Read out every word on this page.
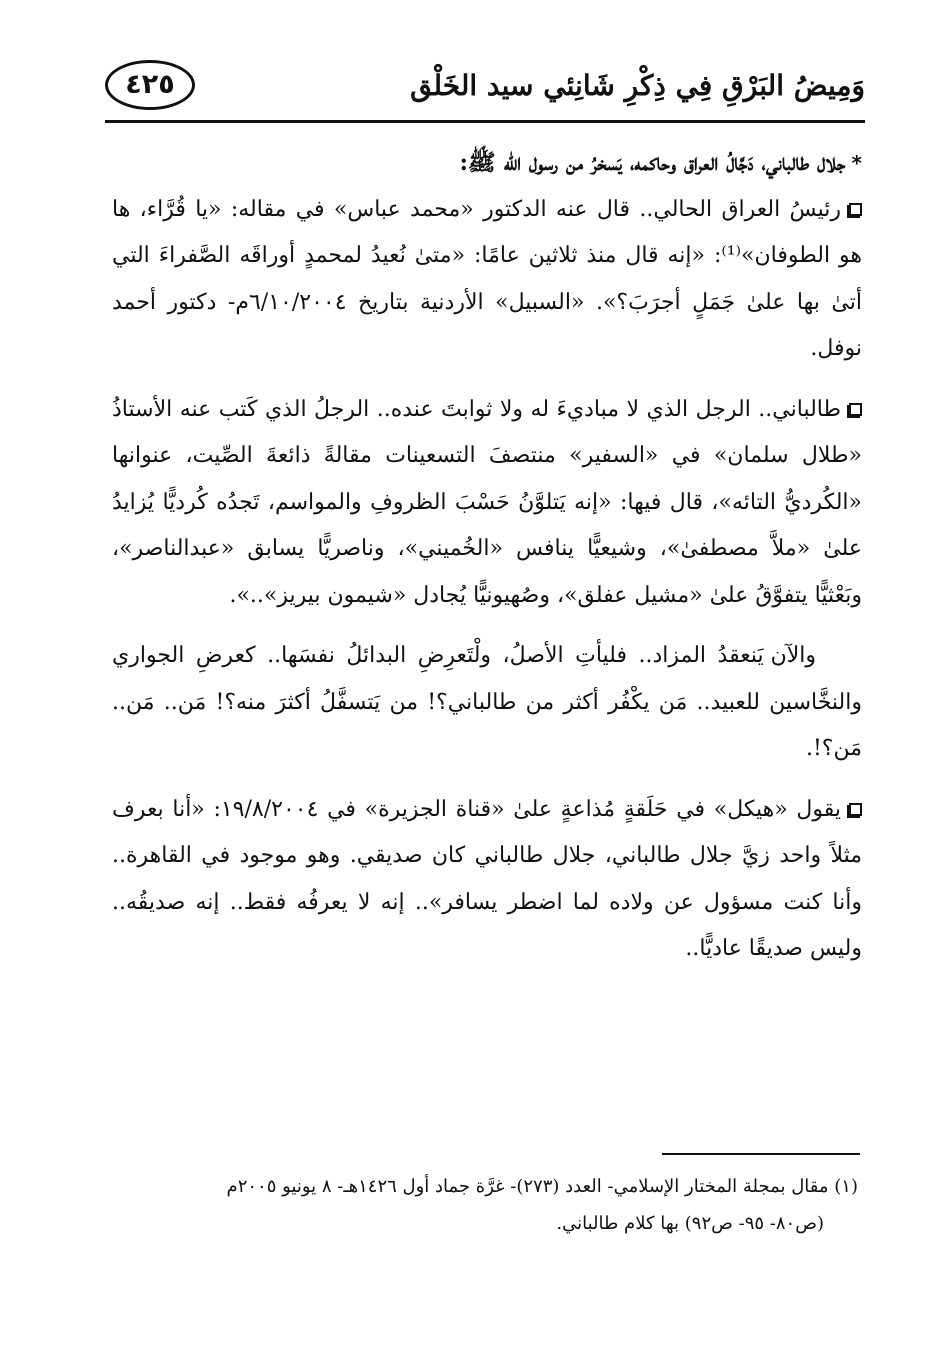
٤٢٥	وَمِيضُ البَرْقِ فِي ذِكْرِ شَانِئي سيد الخَلْق

*جلال طالباني، دَجَّالُ العراق وحاكمه، يَسخرُ من رسول الله ﷺ:

رئيسُ العراق الحالي.. قال عنه الدكتور «محمد عباس» في مقاله: «يا قُرَّاء، ها هو الطوفان»⁽¹⁾: «إنه قال منذ ثلاثين عامًا: «متىٰ نُعيدُ لمحمدٍ أوراقَه الصَّفراءَ التي أتىٰ بها علىٰ جَمَلٍ أجرَبَ؟». «السبيل» الأردنية بتاريخ ٦/١٠/٢٠٠٤م- دكتور أحمد نوفل.

طالباني.. الرجل الذي لا مباديءَ له ولا ثوابتَ عنده.. الرجلُ الذي كَتب عنه الأستاذُ «طلال سلمان» في «السفير» منتصفَ التسعينات مقالةً ذائعةَ الصِّيت، عنوانها «الكُرديُّ التائه»، قال فيها: «إنه يَتلوَّنُ حَسْبَ الظروفِ والمواسم، تَجدُه كُرديًّا يُزايدُ علىٰ «ملاَّ مصطفىٰ»، وشيعيًّا ينافس «الخُميني»، وناصريًّا يسابق «عبدالناصر»، وبَعْثيًّا يتفوَّقُ علىٰ «مشيل عفلق»، وصُهيونيًّا يُجادل «شيمون بيريز»..».

والآن يَنعقدُ المزاد.. فليأتِ الأصلُ، ولْتَعرِضِ البدائلُ نفسَها.. كعرضِ الجواري والنخَّاسين للعبيد.. مَن يكْفُر أكثر من طالباني؟! من يَتسفَّلُ أكثرَ منه؟! مَن.. مَن.. مَن؟!.

يقول «هيكل» في حَلَقةٍ مُذاعةٍ علىٰ «قناة الجزيرة» في ١٩/٨/٢٠٠٤: «أنا بعرف مثلاً واحد زيَّ جلال طالباني، جلال طالباني كان صديقي. وهو موجود في القاهرة.. وأنا كنت مسؤول عن ولاده لما اضطر يسافر».. إنه لا يعرفُه فقط.. إنه صديقُه.. وليس صديقًا عاديًّا..

(١) مقال بمجلة المختار الإسلامي- العدد (٢٧٣)- غرَّة جماد أول ١٤٢٦هـ- ٨ يونيو ٢٠٠٥م

(ص٨٠- ٩٥- ص٩٢) بها كلام طالباني.
